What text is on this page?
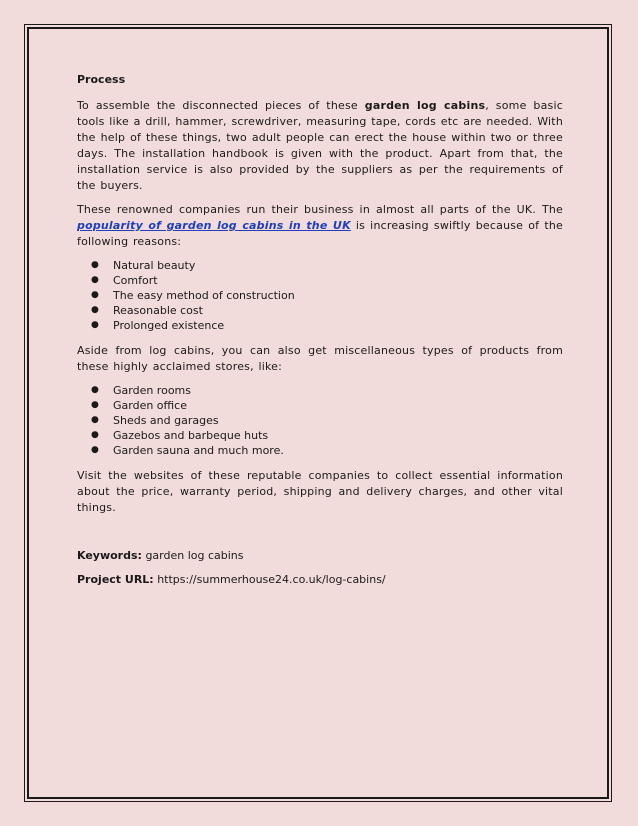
Process

To assemble the disconnected pieces of these garden log cabins, some basic tools like a drill, hammer, screwdriver, measuring tape, cords etc are needed. With the help of these things, two adult people can erect the house within two or three days. The installation handbook is given with the product. Apart from that, the installation service is also provided by the suppliers as per the requirements of the buyers.

These renowned companies run their business in almost all parts of the UK. The popularity of garden log cabins in the UK is increasing swiftly because of the following reasons:

● Natural beauty
● Comfort
● The easy method of construction
● Reasonable cost
● Prolonged existence

Aside from log cabins, you can also get miscellaneous types of products from these highly acclaimed stores, like:

● Garden rooms
● Garden office
● Sheds and garages
● Gazebos and barbeque huts
● Garden sauna and much more.

Visit the websites of these reputable companies to collect essential information about the price, warranty period, shipping and delivery charges, and other vital things.

Keywords: garden log cabins
Project URL: https://summerhouse24.co.uk/log-cabins/
